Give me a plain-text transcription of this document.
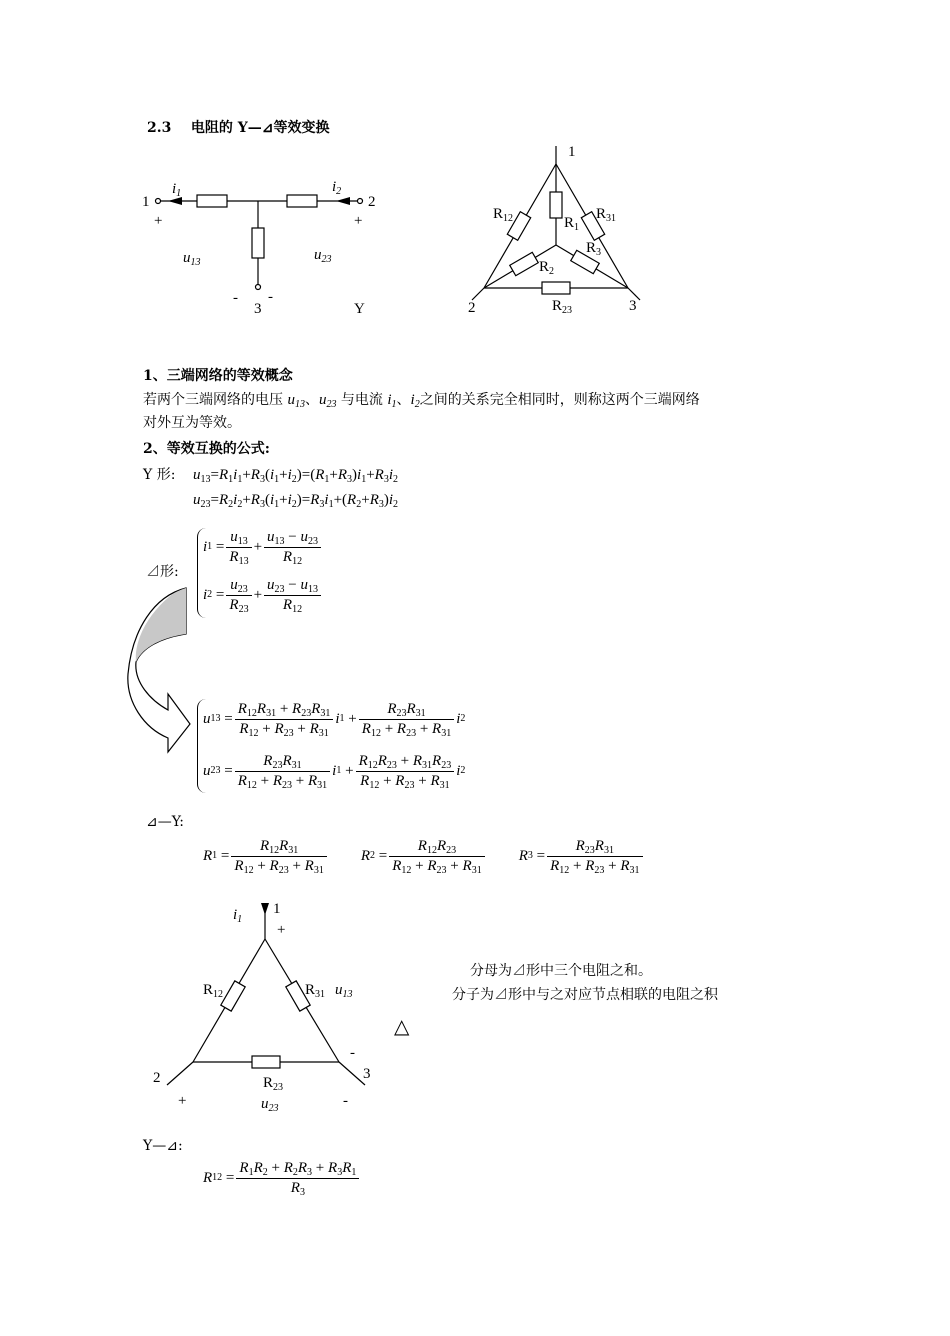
2.3 电阻的 Y—⊿等效变换
1	2
3
+	+
- -
Y
$i_1$	$i_2$
$u_{13}$	$u_{23}$
1
2	3
$R_{12}$	$R_{31}$
$R_1$
$R_2$
$R_3$
$R_{23}$
1、三端网络的等效概念
若两个三端网络的电压 $u_{13}$、$u_{23}$ 与电流 $i_1$、$i_2$之间的关系完全相同时，则称这两个三端网络
对外互为等效。
2、等效互换的公式:
Y 形: $u_{13}=R_1i_1+R_3(i_1+i_2)=(R_1+R_3)i_1+R_3i_2$
$u_{23}=R_2i_2+R_3(i_1+i_2)=R_3i_1+(R_2+R_3)i_2$
⊿形:
i $1 = \frac{u_{13}}{R_{13}} + \frac{u_{13} - u_{23}}{R_{12}}$
i $2 = \frac{u_{23}}{R_{23}} + \frac{u_{23} - u_{13}}{R_{12}}$
u $13 = \frac{R_{12}R_{31} + R_{23}R_{31}}{R_{12} + R_{23} + R_{31}}$ i $1 + \frac{R_{23}R_{31}}{R_{12} + R_{23} + R_{31}}$ i 2
u $23 = \frac{R_{23}R_{31}}{R_{12} + R_{23} + R_{31}}$ i $1 + \frac{R_{12}R_{23} + R_{31}R_{23}}{R_{12} + R_{23} + R_{31}}$ i 2
⊿—Y:
R $1 = \frac{R_{12}R_{31}}{R_{12} + R_{23} + R_{31}}$ R $2 = \frac{R_{12}R_{23}}{R_{12} + R_{23} + R_{31}}$ R $3 = \frac{R_{23}R_{31}}{R_{12} + R_{23} + R_{31}}$
1
2	3
+
+
-
-
$i_1$
$R_{12}$	$R_{31}$ $u_{13}$
$R_{23}$
$u_{23}$
分母为⊿形中三个电阻之和。
分子为⊿形中与之对应节点相联的电阻之积
△
Y—⊿:
R $12 = \frac{R_1R_2 + R_2R_3 + R_3R_1}{R_3}$
